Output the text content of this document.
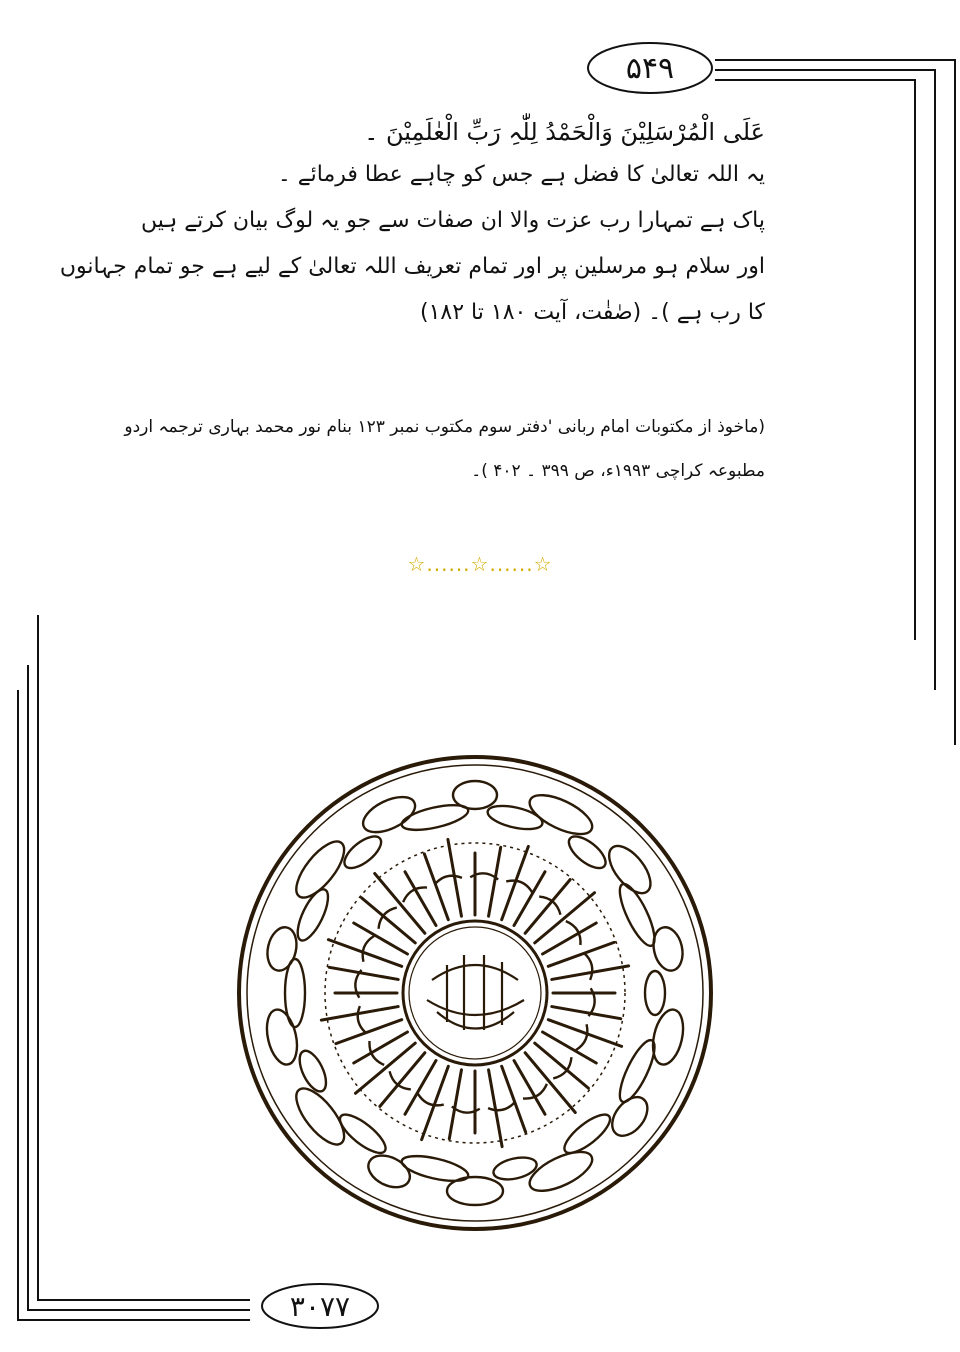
۵۴۹
عَلَی الْمُرْسَلِیْنَ وَالْحَمْدُ لِلّٰہِ رَبِّ الْعٰلَمِیْنَ ۔
یہ اللہ تعالیٰ کا فضل ہے جس کو چاہے عطا فرمائے ۔
پاک ہے تمہارا رب عزت والا ان صفات سے جو یہ لوگ بیان کرتے ہیں
اور سلام ہو مرسلین پر اور تمام تعریف اللہ تعالیٰ کے لیے ہے جو تمام جہانوں
کا رب ہے )۔ (صٰفٰت، آیت ۱۸۰ تا ۱۸۲)
(ماخوذ از مکتوبات امام ربانی 'دفتر سوم مکتوب نمبر ۱۲۳ بنام نور محمد بہاری ترجمہ اردو
مطبوعہ کراچی ۱۹۹۳ء، ص ۳۹۹ ۔ ۴۰۲ )۔
☆......☆......☆
۳۰۷۷
